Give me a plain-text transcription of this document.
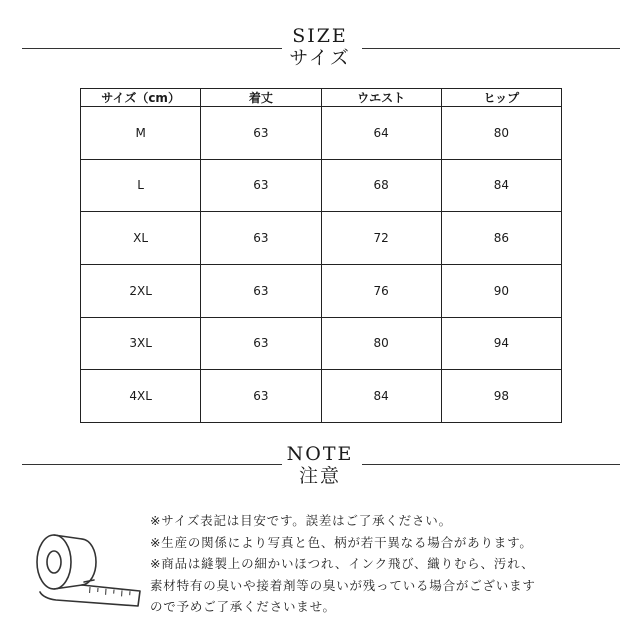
SIZE
サイズ
サイズ（cm）	着丈	ウエスト	ヒップ
M	63	64	80
L	63	68	84
XL	63	72	86
2XL	63	76	90
3XL	63	80	94
4XL	63	84	98
NOTE
注意

※サイズ表記は目安です。誤差はご了承ください。

※生産の関係により写真と色、柄が若干異なる場合があります。

※商品は縫製上の細かいほつれ、インク飛び、織りむら、汚れ、

素材特有の臭いや接着剤等の臭いが残っている場合がございます

ので予めご了承くださいませ。
